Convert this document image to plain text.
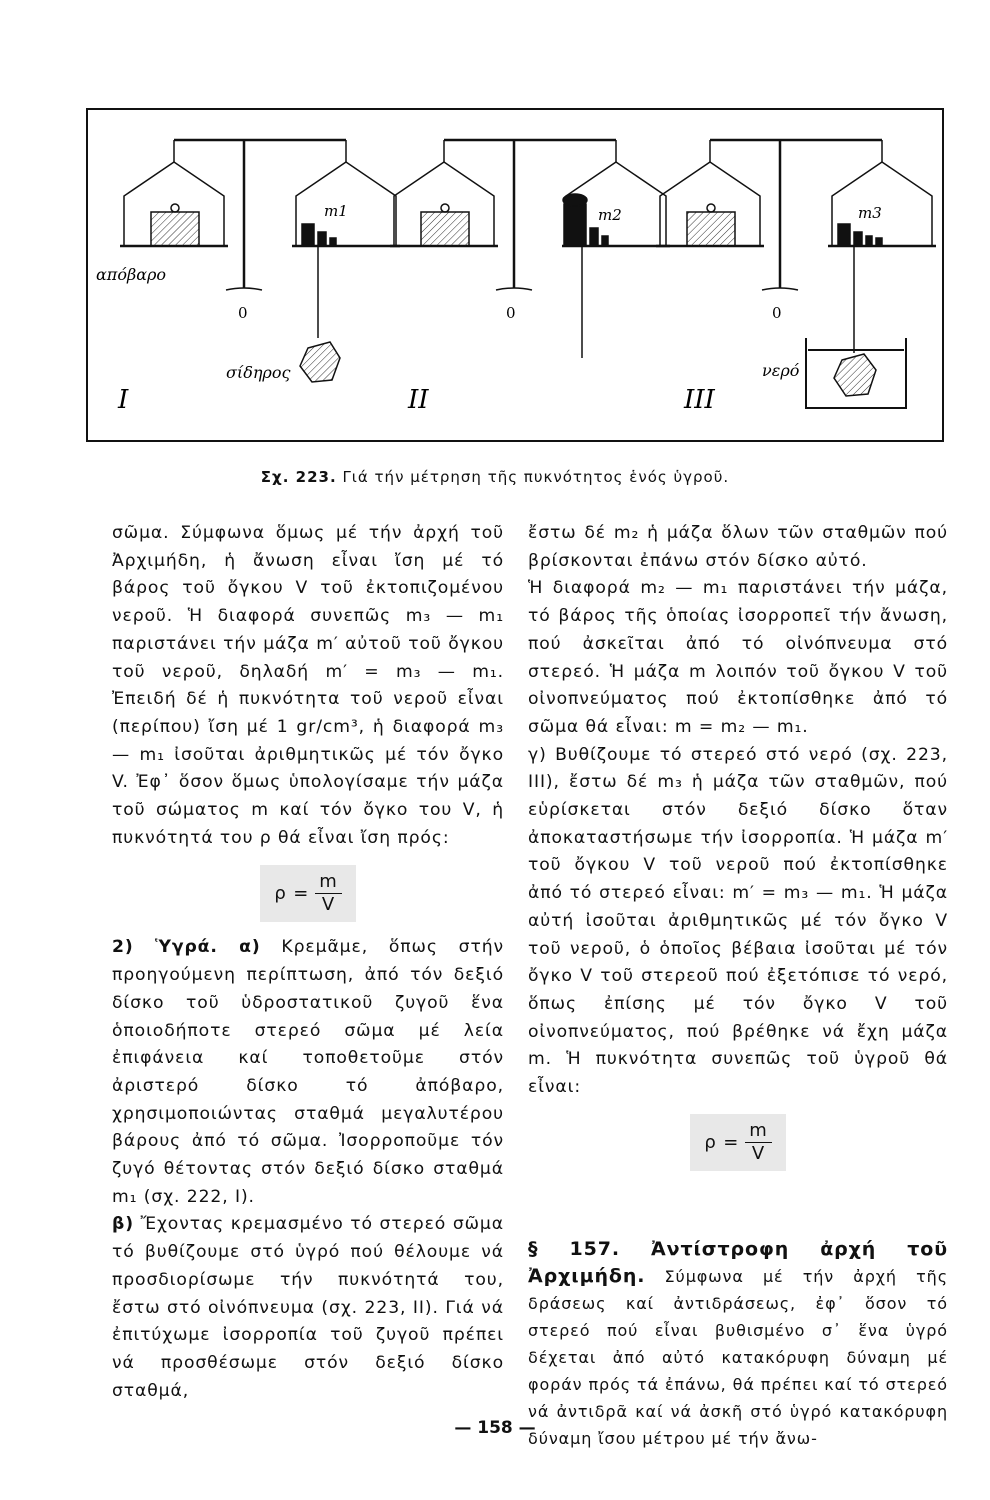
απόβαρο
0
m1
σίδηρος
I
0
m2
II
0
m3
νερό
III
Σχ. 223. Γιά τήν μέτρηση τῆς πυκνότητος ἑνός ὑγροῦ.

σῶμα. Σύμφωνα ὅμως μέ τήν ἀρχή τοῦ Ἀρχιμήδη, ἡ ἄνωση εἶναι ἴση μέ τό βάρος τοῦ ὄγκου V τοῦ ἐκτοπιζομένου νεροῦ. Ἡ διαφορά συνεπῶς m₃ — m₁ παριστάνει τήν μάζα m′ αὐτοῦ τοῦ ὄγκου τοῦ νεροῦ, δηλαδή m′ = m₃ — m₁. Ἐπειδή δέ ἡ πυκνότητα τοῦ νεροῦ εἶναι (περίπου) ἴση μέ 1 gr/cm³, ἡ διαφορά m₃ — m₁ ἰσοῦται ἀριθμητικῶς μέ τόν ὄγκο V. Ἐφ᾽ ὅσον ὅμως ὑπολογίσαμε τήν μάζα τοῦ σώματος m καί τόν ὄγκο του V, ἡ πυκνότητά του ρ θά εἶναι ἴση πρός:

$\rho = \frac{m}{V}$

2) Ὑγρά. α) Κρεμᾶμε, ὅπως στήν προηγούμενη περίπτωση, ἀπό τόν δεξιό δίσκο τοῦ ὑδροστατικοῦ ζυγοῦ ἕνα ὁποιοδήποτε στερεό σῶμα μέ λεία ἐπιφάνεια καί τοποθετοῦμε στόν ἀριστερό δίσκο τό ἀπόβαρο, χρησιμοποιώντας σταθμά μεγαλυτέρου βάρους ἀπό τό σῶμα. Ἰσορροποῦμε τόν ζυγό θέτοντας στόν δεξιό δίσκο σταθμά m₁ (σχ. 222, I).

β) Ἔχοντας κρεμασμένο τό στερεό σῶμα τό βυθίζουμε στό ὑγρό πού θέλουμε νά προσδιορίσωμε τήν πυκνότητά του, ἔστω στό οἰνόπνευμα (σχ. 223, II). Γιά νά ἐπιτύχωμε ἰσορροπία τοῦ ζυγοῦ πρέπει νά προσθέσωμε στόν δεξιό δίσκο σταθμά,

ἔστω δέ m₂ ἡ μάζα ὅλων τῶν σταθμῶν πού βρίσκονται ἐπάνω στόν δίσκο αὐτό.

Ἡ διαφορά m₂ — m₁ παριστάνει τήν μάζα, τό βάρος τῆς ὁποίας ἰσορροπεῖ τήν ἄνωση, πού ἀσκεῖται ἀπό τό οἰνόπνευμα στό στερεό. Ἡ μάζα m λοιπόν τοῦ ὄγκου V τοῦ οἰνοπνεύματος πού ἐκτοπίσθηκε ἀπό τό σῶμα θά εἶναι: m = m₂ — m₁.

γ) Βυθίζουμε τό στερεό στό νερό (σχ. 223, III), ἔστω δέ m₃ ἡ μάζα τῶν σταθμῶν, πού εὑρίσκεται στόν δεξιό δίσκο ὅταν ἀποκαταστήσωμε τήν ἰσορροπία. Ἡ μάζα m′ τοῦ ὄγκου V τοῦ νεροῦ πού ἐκτοπίσθηκε ἀπό τό στερεό εἶναι: m′ = m₃ — m₁. Ἡ μάζα αὐτή ἰσοῦται ἀριθμητικῶς μέ τόν ὄγκο V τοῦ νεροῦ, ὁ ὁποῖος βέβαια ἰσοῦται μέ τόν ὄγκο V τοῦ στερεοῦ πού ἐξετόπισε τό νερό, ὅπως ἐπίσης μέ τόν ὄγκο V τοῦ οἰνοπνεύματος, πού βρέθηκε νά ἔχη μάζα m. Ἡ πυκνότητα συνεπῶς τοῦ ὑγροῦ θά εἶναι:

$\rho = \frac{m}{V}$

§ 157. Ἀντίστροφη ἀρχή τοῦ Ἀρχιμήδη. Σύμφωνα μέ τήν ἀρχή τῆς δράσεως καί ἀντιδράσεως, ἐφ᾽ ὅσον τό στερεό πού εἶναι βυθισμένο σ᾽ ἕνα ὑγρό δέχεται ἀπό αὐτό κατακόρυφη δύναμη μέ φοράν πρός τά ἐπάνω, θά πρέπει καί τό στερεό νά ἀντιδρᾶ καί νά ἀσκῆ στό ὑγρό κατακόρυφη δύναμη ἴσου μέτρου μέ τήν ἄνω-

— 158 —
